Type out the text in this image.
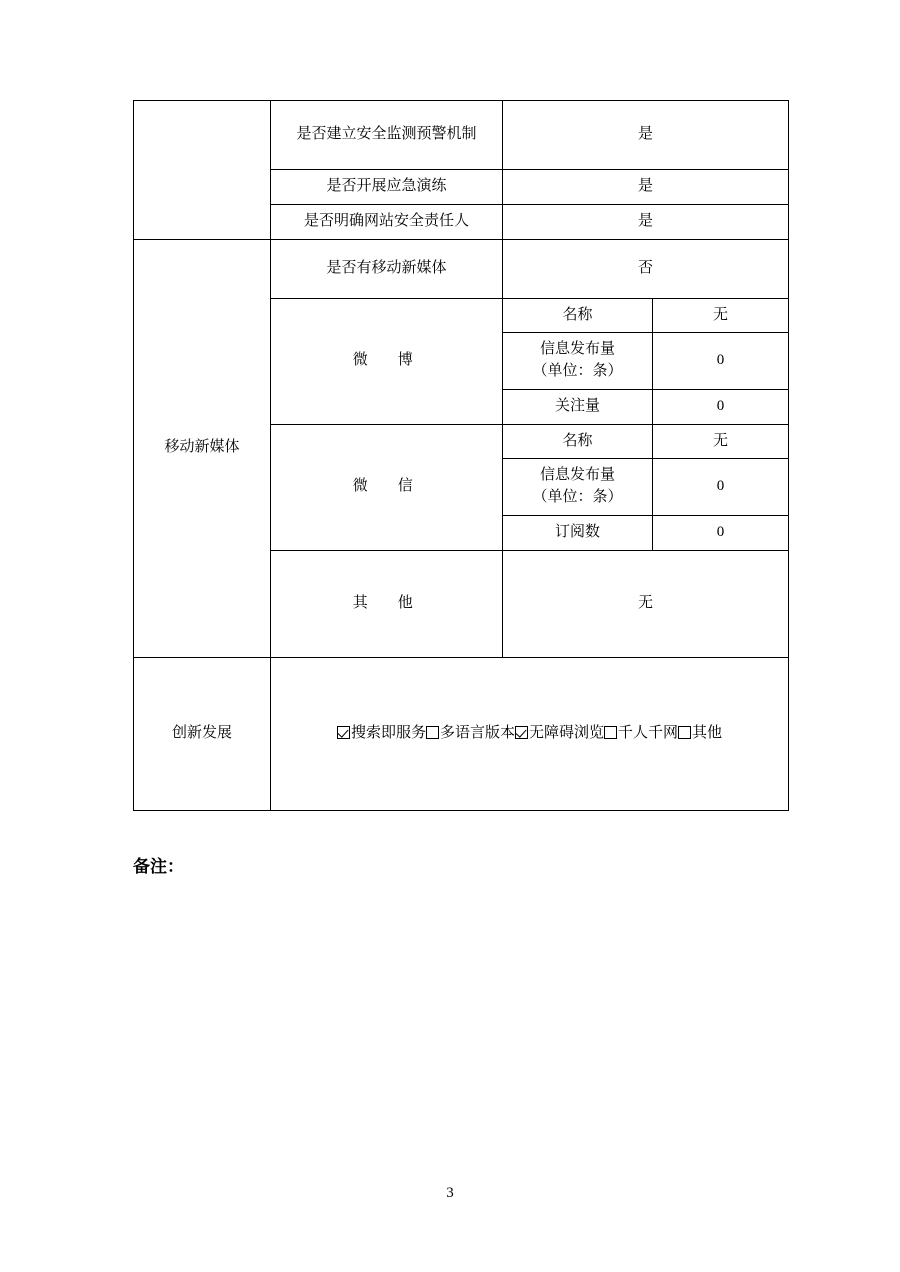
	是否建立安全监测预警机制	是	
	是否开展应急演练	是	
	是否明确网站安全责任人	是	
移动新媒体	是否有移动新媒体	否	
	微　博	名称	无

		信息发布量
（单位：条）	0
		关注量	0
	微　信	名称	无

		信息发布量
（单位：条）	0
		订阅数	0
	其　他	无	
创新发展	搜索即服务 多语言版本 无障碍浏览 千人千网 其他		
备注：
3
